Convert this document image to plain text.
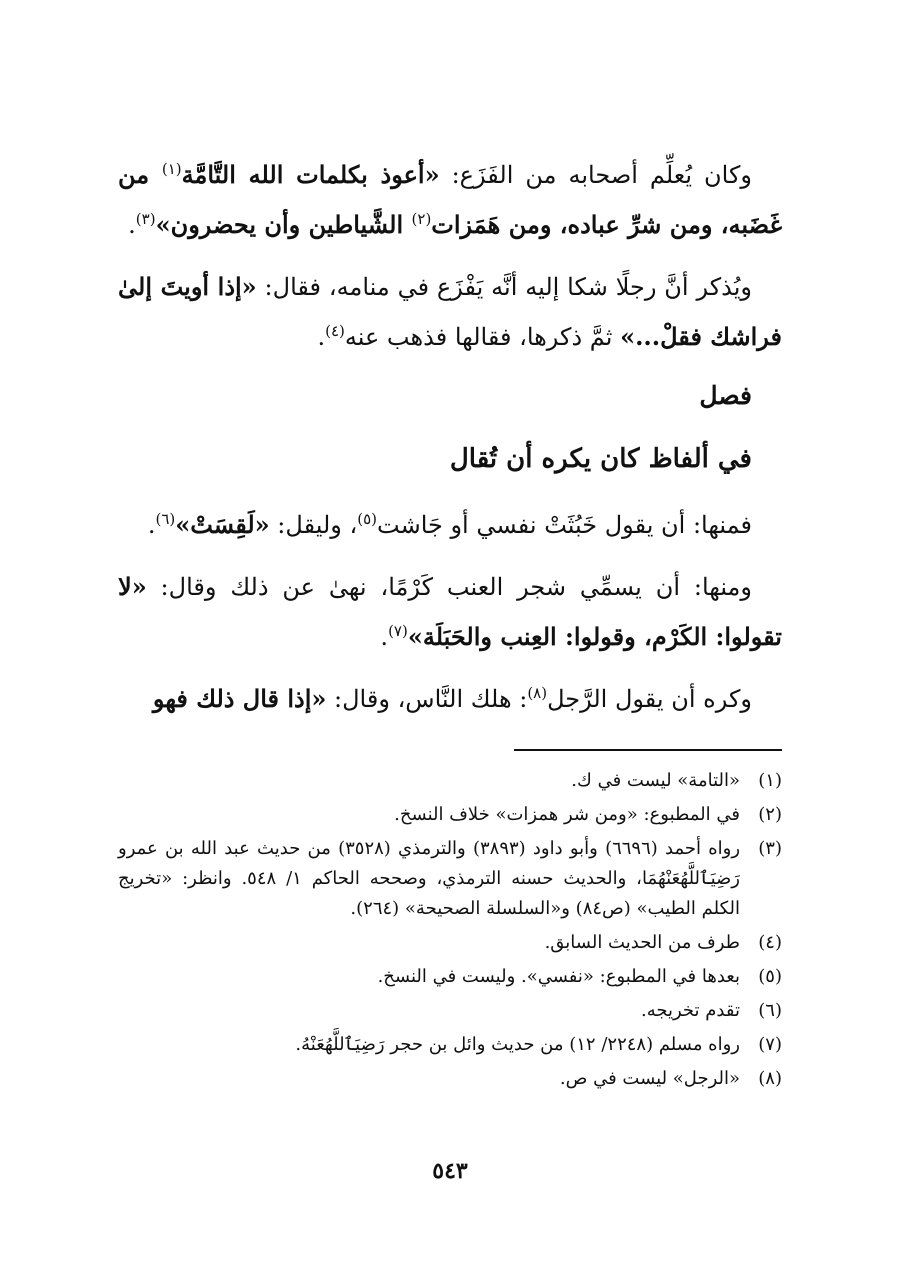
وكان يُعلِّم أصحابه من الفَزَع: «أعوذ بكلمات الله التَّامَّة$^{(١)}$ من غَضَبه، ومن شرِّ عباده، ومن هَمَزات$^{(٢)}$ الشَّياطين وأن يحضرون»$^{(٣)}$.

ويُذكر أنَّ رجلًا شكا إليه أنَّه يَفْزَع في منامه، فقال: «إذا أويتَ إلىٰ فراشك فقلْ...» ثمَّ ذكرها، فقالها فذهب عنه$^{(٤)}$.

فصل

في ألفاظ كان يكره أن تُقال

فمنها: أن يقول خَبُثَتْ نفسي أو جَاشت$^{(٥)}$، وليقل: «لَقِسَتْ»$^{(٦)}$.

ومنها: أن يسمِّي شجر العنب كَرْمًا، نهىٰ عن ذلك وقال: «لا تقولوا: الكَرْم، وقولوا: العِنب والحَبَلَة»$^{(٧)}$.

وكره أن يقول الرَّجل$^{(٨)}$: هلك النَّاس، وقال: «إذا قال ذلك فهو

(١)
«التامة» ليست في ك.
(٢)
في المطبوع: «ومن شر همزات» خلاف النسخ.
(٣)
رواه أحمد (٦٦٩٦) وأبو داود (٣٨٩٣) والترمذي (٣٥٢٨) من حديث عبد الله بن عمرو رَضِيَٱللَّهُعَنْهُمَا، والحديث حسنه الترمذي، وصححه الحاكم ١/ ٥٤٨. وانظر: «تخريج الكلم الطيب» (ص٨٤) و«السلسلة الصحيحة» (٢٦٤).
(٤)
طرف من الحديث السابق.
(٥)
بعدها في المطبوع: «نفسي». وليست في النسخ.
(٦)
تقدم تخريجه.
(٧)
رواه مسلم (٢٢٤٨/ ١٢) من حديث وائل بن حجر رَضِيَٱللَّهُعَنْهُ.
(٨)
«الرجل» ليست في ص.
٥٤٣
